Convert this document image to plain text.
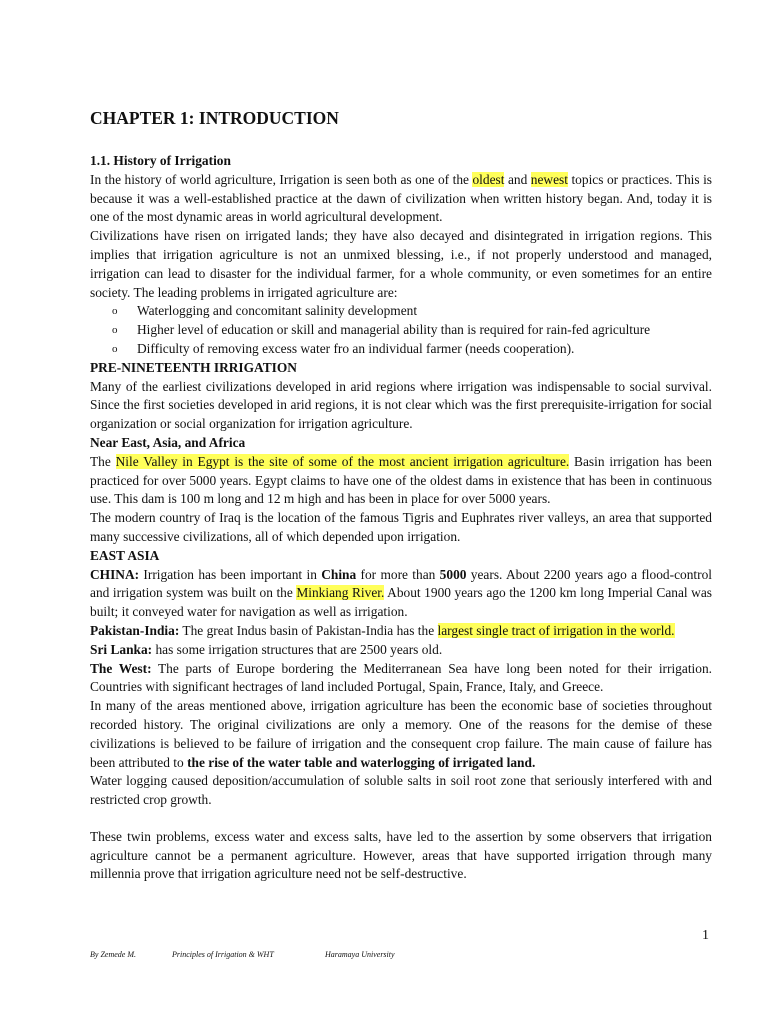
CHAPTER 1: INTRODUCTION

1.1. History of Irrigation

In the history of world agriculture, Irrigation is seen both as one of the oldest and newest topics or practices. This is because it was a well-established practice at the dawn of civilization when written history began. And, today it is one of the most dynamic areas in world agricultural development.

Civilizations have risen on irrigated lands; they have also decayed and disintegrated in irrigation regions. This implies that irrigation agriculture is not an unmixed blessing, i.e., if not properly understood and managed, irrigation can lead to disaster for the individual farmer, for a whole community, or even sometimes for an entire society. The leading problems in irrigated agriculture are:

o Waterlogging and concomitant salinity development
o Higher level of education or skill and managerial ability than is required for rain-fed agriculture
o Difficulty of removing excess water fro an individual farmer (needs cooperation).

PRE-NINETEENTH IRRIGATION

Many of the earliest civilizations developed in arid regions where irrigation was indispensable to social survival. Since the first societies developed in arid regions, it is not clear which was the first prerequisite-irrigation for social organization or social organization for irrigation agriculture.

Near East, Asia, and Africa

The Nile Valley in Egypt is the site of some of the most ancient irrigation agriculture. Basin irrigation has been practiced for over 5000 years. Egypt claims to have one of the oldest dams in existence that has been in continuous use. This dam is 100 m long and 12 m high and has been in place for over 5000 years.

The modern country of Iraq is the location of the famous Tigris and Euphrates river valleys, an area that supported many successive civilizations, all of which depended upon irrigation.

EAST ASIA

CHINA: Irrigation has been important in China for more than 5000 years. About 2200 years ago a flood-control and irrigation system was built on the Minkiang River. About 1900 years ago the 1200 km long Imperial Canal was built; it conveyed water for navigation as well as irrigation.

Pakistan-India: The great Indus basin of Pakistan-India has the largest single tract of irrigation in the world.

Sri Lanka: has some irrigation structures that are 2500 years old.

The West: The parts of Europe bordering the Mediterranean Sea have long been noted for their irrigation. Countries with significant hectrages of land included Portugal, Spain, France, Italy, and Greece.

In many of the areas mentioned above, irrigation agriculture has been the economic base of societies throughout recorded history. The original civilizations are only a memory. One of the reasons for the demise of these civilizations is believed to be failure of irrigation and the consequent crop failure. The main cause of failure has been attributed to the rise of the water table and waterlogging of irrigated land.

Water logging caused deposition/accumulation of soluble salts in soil root zone that seriously interfered with and restricted crop growth.

These twin problems, excess water and excess salts, have led to the assertion by some observers that irrigation agriculture cannot be a permanent agriculture. However, areas that have supported irrigation through many millennia prove that irrigation agriculture need not be self-destructive.

1
By Zemede M.	Principles of Irrigation & WHT	Haramaya University
